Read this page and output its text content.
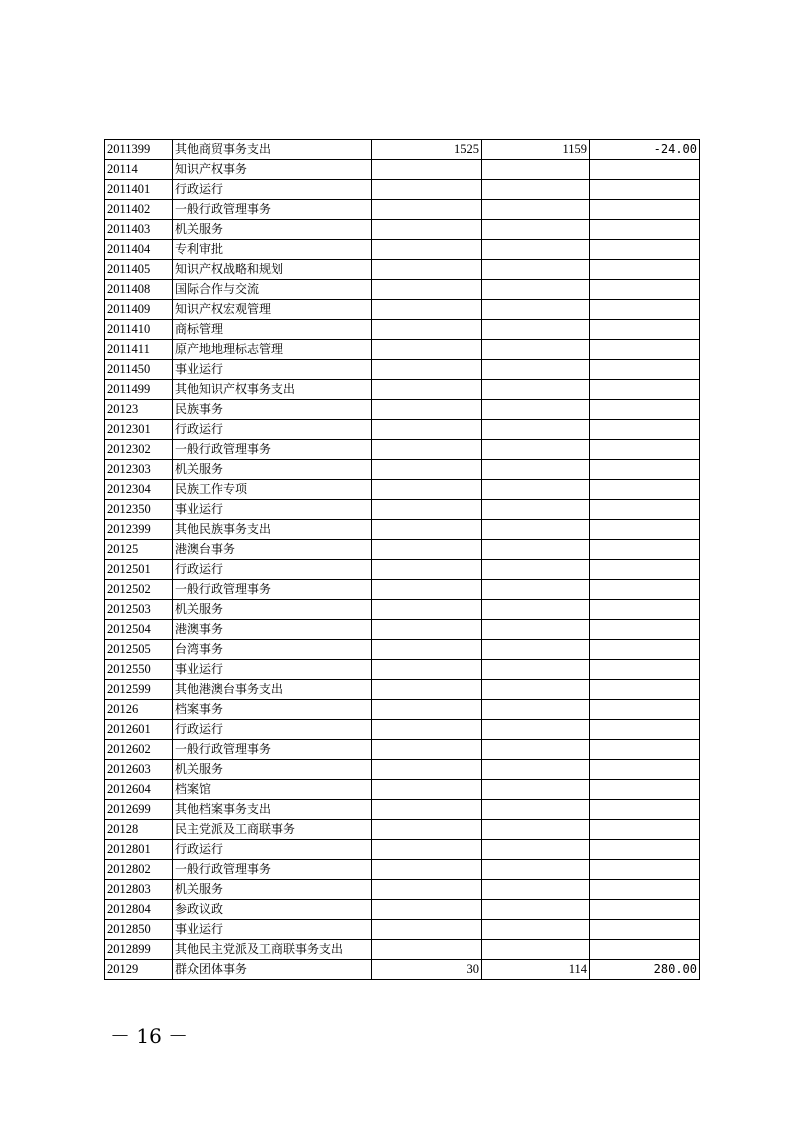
2011399	其他商贸事务支出	1525	1159	-24.00
20114	知识产权事务			
2011401	行政运行			
2011402	一般行政管理事务			
2011403	机关服务			
2011404	专利审批			
2011405	知识产权战略和规划			
2011408	国际合作与交流			
2011409	知识产权宏观管理			
2011410	商标管理			
2011411	原产地地理标志管理			
2011450	事业运行			
2011499	其他知识产权事务支出			
20123	民族事务			
2012301	行政运行			
2012302	一般行政管理事务			
2012303	机关服务			
2012304	民族工作专项			
2012350	事业运行			
2012399	其他民族事务支出			
20125	港澳台事务			
2012501	行政运行			
2012502	一般行政管理事务			
2012503	机关服务			
2012504	港澳事务			
2012505	台湾事务			
2012550	事业运行			
2012599	其他港澳台事务支出			
20126	档案事务			
2012601	行政运行			
2012602	一般行政管理事务			
2012603	机关服务			
2012604	档案馆			
2012699	其他档案事务支出			
20128	民主党派及工商联事务			
2012801	行政运行			
2012802	一般行政管理事务			
2012803	机关服务			
2012804	参政议政			
2012850	事业运行			
2012899	其他民主党派及工商联事务支出			
20129	群众团体事务	30	114	280.00
－ 16 －
